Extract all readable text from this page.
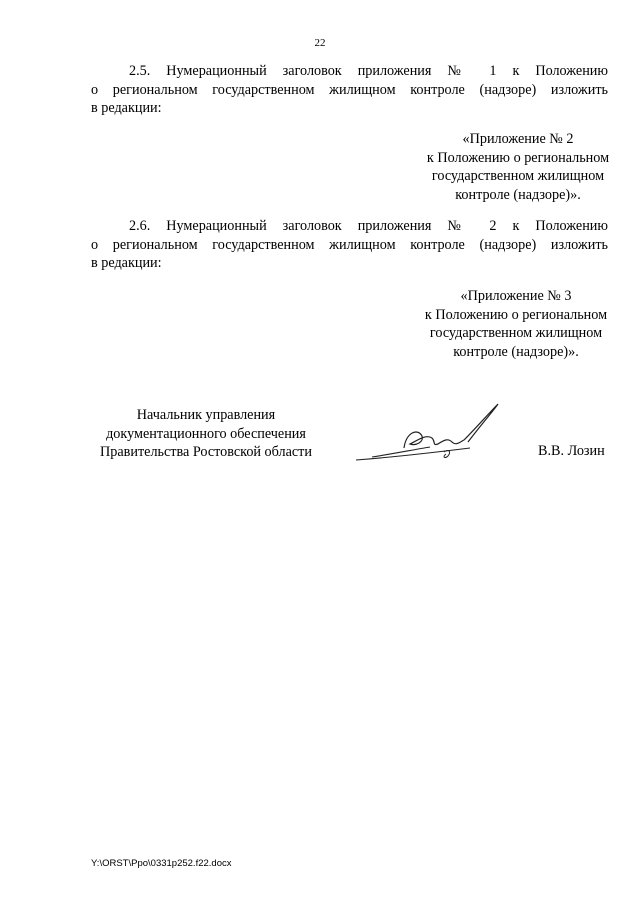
22
2.5. Нумерационный заголовок приложения № 1 к Положению
о региональном государственном жилищном контроле (надзоре) изложить
в редакции:
«Приложение № 2
к Положению о региональном
государственном жилищном
контроле (надзоре)».
2.6. Нумерационный заголовок приложения № 2 к Положению
о региональном государственном жилищном контроле (надзоре) изложить
в редакции:
«Приложение № 3
к Положению о региональном
государственном жилищном
контроле (надзоре)».
Начальник управления
документационного обеспечения
Правительства Ростовской области	В.В. Лозин
Y:\ORST\Ppo\0331p252.f22.docx
